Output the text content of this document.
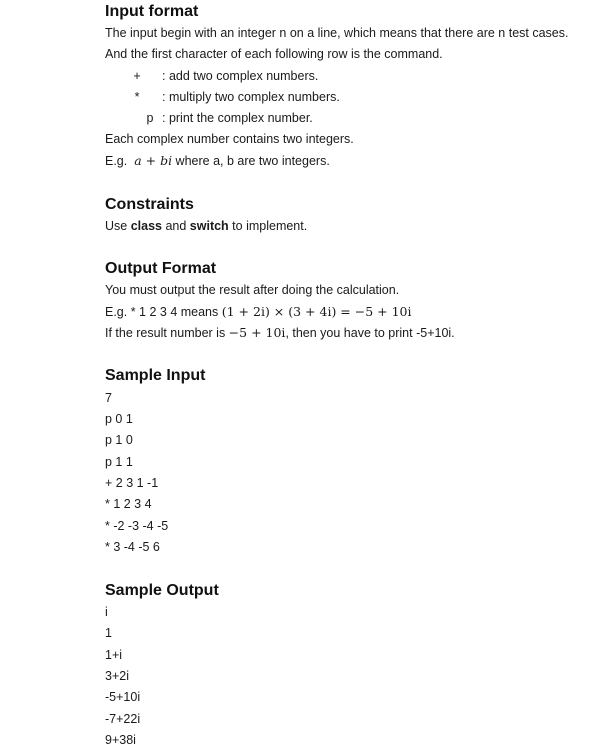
Input format
The input begin with an integer n on a line, which means that there are n test cases.
And the first character of each following row is the command.
+ : add two complex numbers.
*	: multiply two complex numbers.
p : print the complex number.
Each complex number contains two integers.
E.g. a + bi where a, b are two integers.
Constraints
Use class and switch to implement.
Output Format
You must output the result after doing the calculation.
E.g. * 1 2 3 4 means (1 + 2i) × (3 + 4i) = −5 + 10i
If the result number is −5 + 10i, then you have to print -5+10i.
Sample Input
7
p 0 1
p 1 0
p 1 1
+ 2 3 1 -1
* 1 2 3 4
* -2 -3 -4 -5
* 3 -4 -5 6
Sample Output
i
1
1+i
3+2i
-5+10i
-7+22i
9+38i
